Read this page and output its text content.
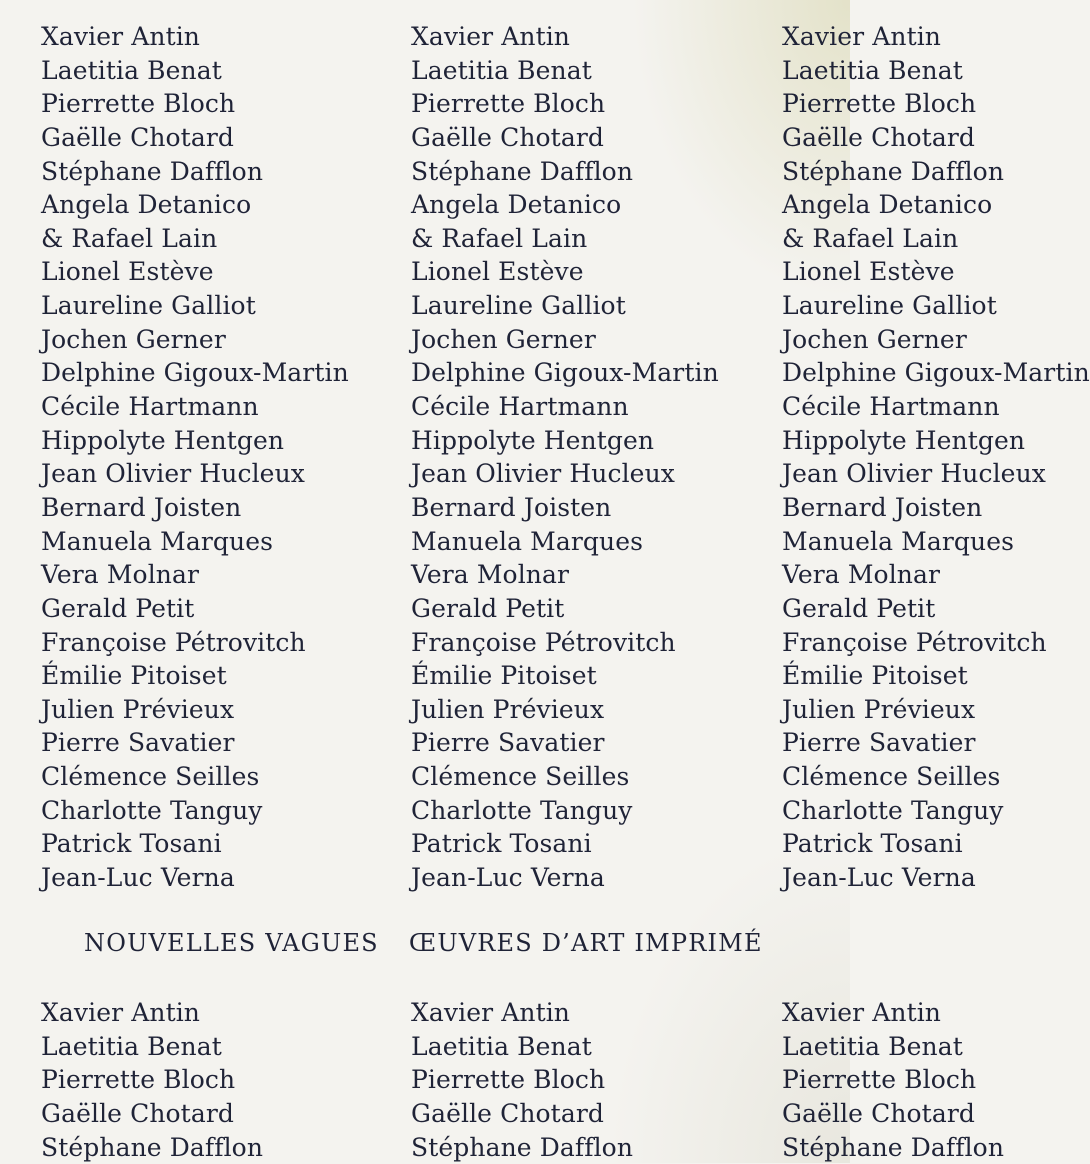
Xavier Antin
Laetitia Benat
Pierrette Bloch
Gaëlle Chotard
Stéphane Dafflon
Angela Detanico
& Rafael Lain
Lionel Estève
Laureline Galliot
Jochen Gerner
Delphine Gigoux-Martin
Cécile Hartmann
Hippolyte Hentgen
Jean Olivier Hucleux
Bernard Joisten
Manuela Marques
Vera Molnar
Gerald Petit
Françoise Pétrovitch
Émilie Pitoiset
Julien Prévieux
Pierre Savatier
Clémence Seilles
Charlotte Tanguy
Patrick Tosani
Jean-Luc Verna
Xavier Antin
Laetitia Benat
Pierrette Bloch
Gaëlle Chotard
Stéphane Dafflon
Angela Detanico
& Rafael Lain
Lionel Estève
Laureline Galliot
Jochen Gerner
Delphine Gigoux-Martin
Cécile Hartmann
Hippolyte Hentgen
Jean Olivier Hucleux
Bernard Joisten
Manuela Marques
Vera Molnar
Gerald Petit
Françoise Pétrovitch
Émilie Pitoiset
Julien Prévieux
Pierre Savatier
Clémence Seilles
Charlotte Tanguy
Patrick Tosani
Jean-Luc Verna
Xavier Antin
Laetitia Benat
Pierrette Bloch
Gaëlle Chotard
Stéphane Dafflon
Angela Detanico
& Rafael Lain
Lionel Estève
Laureline Galliot
Jochen Gerner
Delphine Gigoux-Martin
Cécile Hartmann
Hippolyte Hentgen
Jean Olivier Hucleux
Bernard Joisten
Manuela Marques
Vera Molnar
Gerald Petit
Françoise Pétrovitch
Émilie Pitoiset
Julien Prévieux
Pierre Savatier
Clémence Seilles
Charlotte Tanguy
Patrick Tosani
Jean-Luc Verna
NOUVELLES VAGUES ŒUVRES D’ART IMPRIMÉ
Xavier Antin
Laetitia Benat
Pierrette Bloch
Gaëlle Chotard
Stéphane Dafflon
Xavier Antin
Laetitia Benat
Pierrette Bloch
Gaëlle Chotard
Stéphane Dafflon
Xavier Antin
Laetitia Benat
Pierrette Bloch
Gaëlle Chotard
Stéphane Dafflon
